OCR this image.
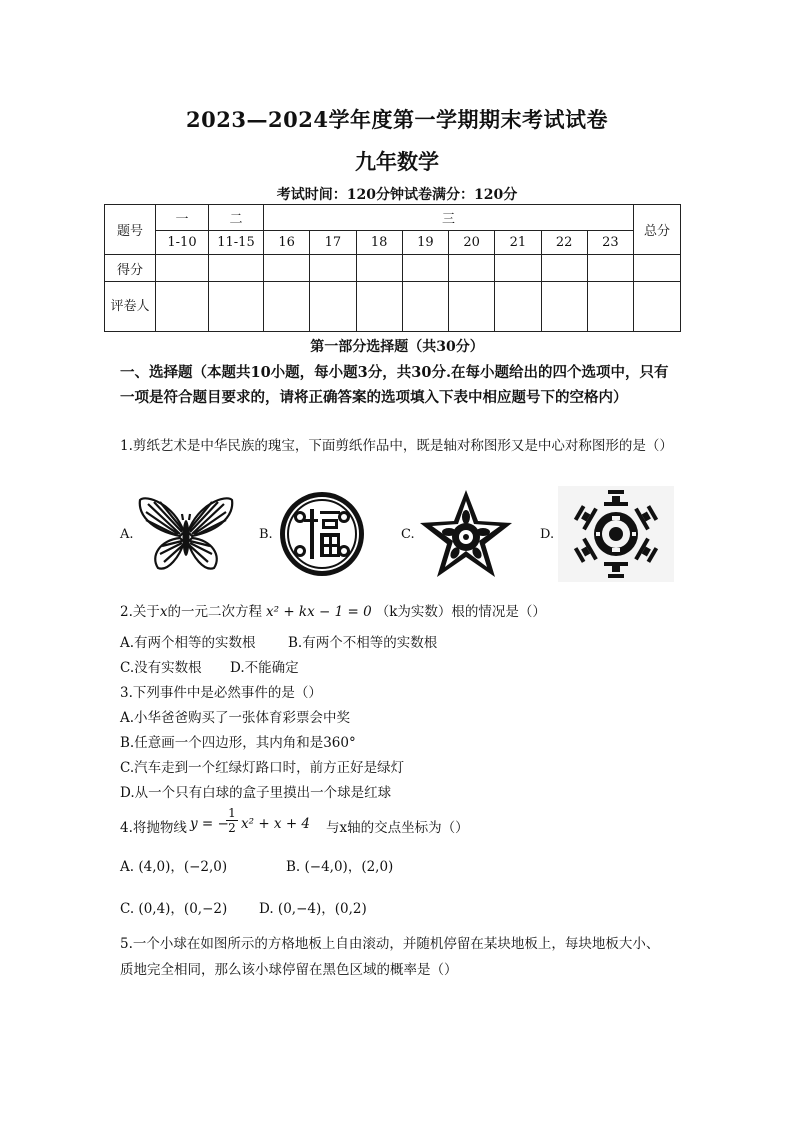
2023—2024学年度第一学期期末考试试卷
九年数学
考试时间：120分钟试卷满分：120分
题号	一	二	三								总分
	1-10	11-15	16	17	18	19	20	21	22	23	
得分											
评卷人											
第一部分选择题（共30分）
一、选择题（本题共10小题，每小题3分，共30分.在每小题给出的四个选项中，只有一项是符合题目要求的，请将正确答案的选项填入下表中相应题号下的空格内）
1.剪纸艺术是中华民族的瑰宝，下面剪纸作品中，既是轴对称图形又是中心对称图形的是（）
A.	B.	C.	D.
2.关于x的一元二次方程 x² + kx − 1 = 0 （k为实数）根的情况是（）
A.有两个相等的实数根 B.有两个不相等的实数根
C.没有实数根 D.不能确定
3.下列事件中是必然事件的是（）
A.小华爸爸购买了一张体育彩票会中奖
B.任意画一个四边形，其内角和是360°
C.汽车走到一个红绿灯路口时，前方正好是绿灯
D.从一个只有白球的盒子里摸出一个球是红球
4.将抛物线 y = −
$\frac{1}{2} x^2 + x + 4$ 与x轴的交点坐标为（）
A. (4,0)，(−2,0)	B. (−4,0)，(2,0)
C. (0,4)，(0,−2) D. (0,−4)，(0,2)
5.一个小球在如图所示的方格地板上自由滚动，并随机停留在某块地板上，每块地板大小、
质地完全相同，那么该小球停留在黑色区域的概率是（）
